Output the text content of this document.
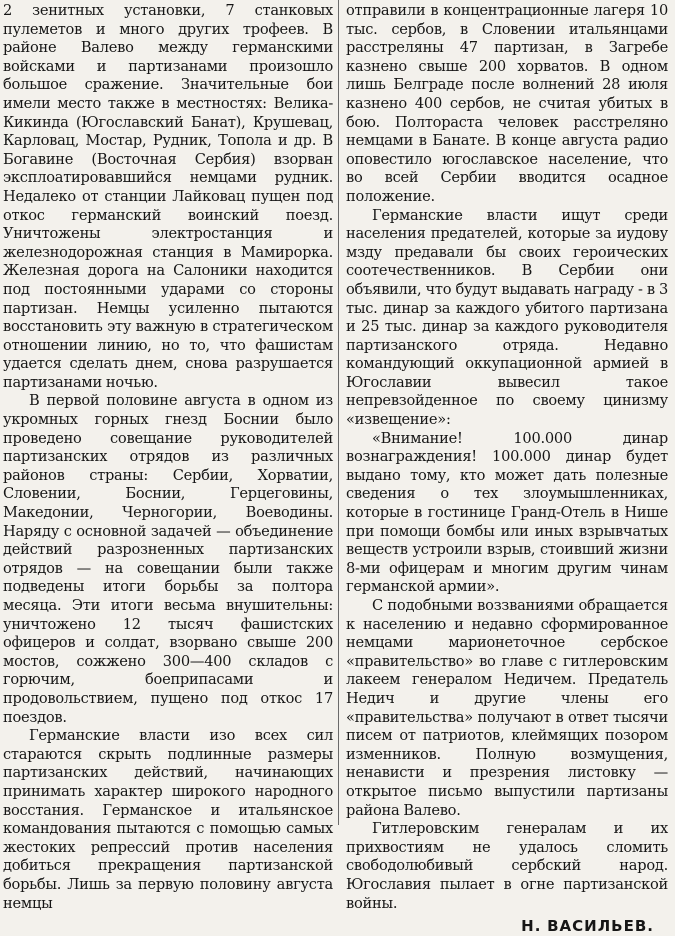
2 зенитных установки, 7 станковых пулеметов и много других трофеев. В районе Валево между германскими войсками и партизанами произошло большое сражение. Значительные бои имели место также в местностях: Велика-Кикинда (Югославский Банат), Крушевац, Карловац, Мостар, Рудник, Топола и др. В Богавине (Восточная Сербия) взорван эксплоатировавшийся немцами рудник. Недалеко от станции Лайковац пущен под откос германский воинский поезд. Уничтожены электростанция и железнодорожная станция в Мамирорка. Железная дорога на Салоники находится под постоянными ударами со стороны партизан. Немцы усиленно пытаются восстановить эту важную в стратегическом отношении линию, но то, что фашистам удается сделать днем, снова разрушается партизанами ночью.

В первой половине августа в одном из укромных горных гнезд Боснии было проведено совещание руководителей партизанских отрядов из различных районов страны: Сербии, Хорватии, Словении, Боснии, Герцеговины, Македонии, Черногории, Воеводины. Наряду с основной задачей — объединение действий разрозненных партизанских отрядов — на совещании были также подведены итоги борьбы за полтора месяца. Эти итоги весьма внушительны: уничтожено 12 тысяч фашистских офицеров и солдат, взорвано свыше 200 мостов, сожжено 300—400 складов с горючим, боеприпасами и продовольствием, пущено под откос 17 поездов.

Германские власти изо всех сил стараются скрыть подлинные размеры партизанских действий, начинающих принимать характер широкого народного восстания. Германское и итальянское командования пытаются с помощью самых жестоких репрессий против населения добиться прекращения партизанской борьбы. Лишь за первую половину августа немцы

отправили в концентрационные лагеря 10 тыс. сербов, в Словении итальянцами расстреляны 47 партизан, в Загребе казнено свыше 200 хорватов. В одном лишь Белграде после волнений 28 июля казнено 400 сербов, не считая убитых в бою. Полтораста человек расстреляно немцами в Банате. В конце августа радио оповестило югославское население, что во всей Сербии вводится осадное положение.

Германские власти ищут среди населения предателей, которые за иудову мзду предавали бы своих героических соотечественников. В Сербии они объявили, что будут выдавать награду - в 3 тыс. динар за каждого убитого партизана и 25 тыс. динар за каждого руководителя партизанского отряда. Недавно командующий оккупационной армией в Югославии вывесил такое непревзойденное по своему цинизму «извещение»:

«Внимание! 100.000 динар вознаграждения! 100.000 динар будет выдано тому, кто может дать полезные сведения о тех злоумышленниках, которые в гостинице Гранд-Отель в Нише при помощи бомбы или иных взрывчатых веществ устроили взрыв, стоивший жизни 8-ми офицерам и многим другим чинам германской армии».

С подобными воззваниями обращается к населению и недавно сформированное немцами марионеточное сербское «правительство» во главе с гитлеровским лакеем генералом Недичем. Предатель Недич и другие члены его «правительства» получают в ответ тысячи писем от патриотов, клеймящих позором изменников. Полную возмущения, ненависти и презрения листовку — открытое письмо выпустили партизаны района Валево.

Гитлеровским генералам и их прихвостиям не удалось сломить свободолюбивый сербский народ. Югославия пылает в огне партизанской войны.

Н. ВАСИЛЬЕВ.
